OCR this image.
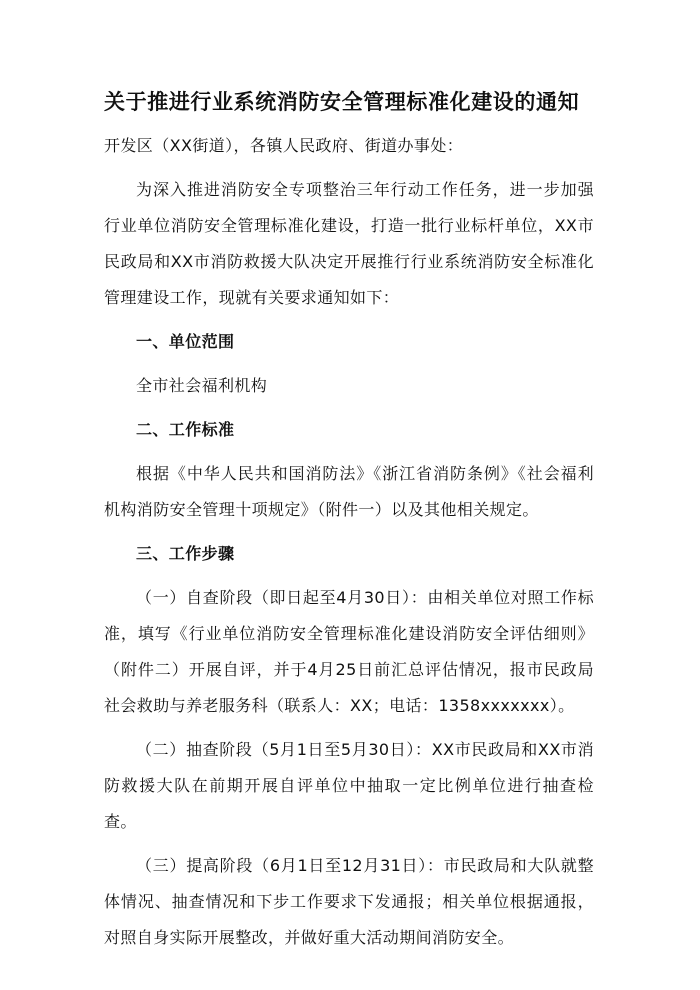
关于推进行业系统消防安全管理标准化建设的通知

开发区（XX街道），各镇人民政府、街道办事处：

为深入推进消防安全专项整治三年行动工作任务，进一步加强行业单位消防安全管理标准化建设，打造一批行业标杆单位，XX市民政局和XX市消防救援大队决定开展推行行业系统消防安全标准化管理建设工作，现就有关要求通知如下：

一、单位范围

全市社会福利机构

二、工作标准

根据《中华人民共和国消防法》《浙江省消防条例》《社会福利机构消防安全管理十项规定》（附件一）以及其他相关规定。

三、工作步骤

（一）自查阶段（即日起至4月30日）：由相关单位对照工作标准，填写《行业单位消防安全管理标准化建设消防安全评估细则》（附件二）开展自评，并于4月25日前汇总评估情况，报市民政局社会救助与养老服务科（联系人：XX；电话：1358xxxxxxx）。

（二）抽查阶段（5月1日至5月30日）：XX市民政局和XX市消防救援大队在前期开展自评单位中抽取一定比例单位进行抽查检查。

（三）提高阶段（6月1日至12月31日）：市民政局和大队就整体情况、抽查情况和下步工作要求下发通报；相关单位根据通报，对照自身实际开展整改，并做好重大活动期间消防安全。
